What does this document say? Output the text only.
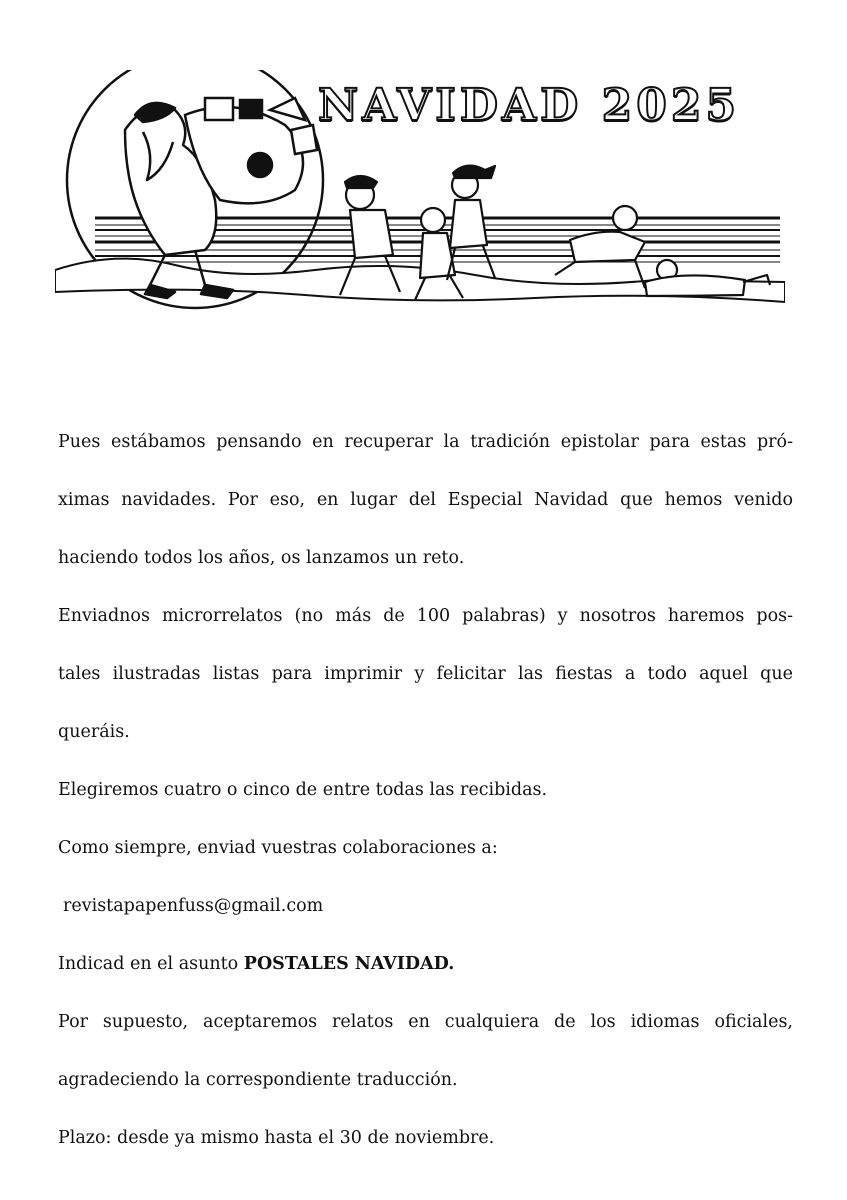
NAVIDAD 2025

Pues estábamos pensando en recuperar la tradición epistolar para estas pró-

ximas navidades. Por eso, en lugar del Especial Navidad que hemos venido

haciendo todos los años, os lanzamos un reto.

Enviadnos microrrelatos (no más de 100 palabras) y nosotros haremos pos-

tales ilustradas listas para imprimir y felicitar las fiestas a todo aquel que

queráis.

Elegiremos cuatro o cinco de entre todas las recibidas.

Como siempre, enviad vuestras colaboraciones a:

revistapapenfuss@gmail.com

Indicad en el asunto POSTALES NAVIDAD.

Por supuesto, aceptaremos relatos en cualquiera de los idiomas oficiales,

agradeciendo la correspondiente traducción.

Plazo: desde ya mismo hasta el 30 de noviembre.
